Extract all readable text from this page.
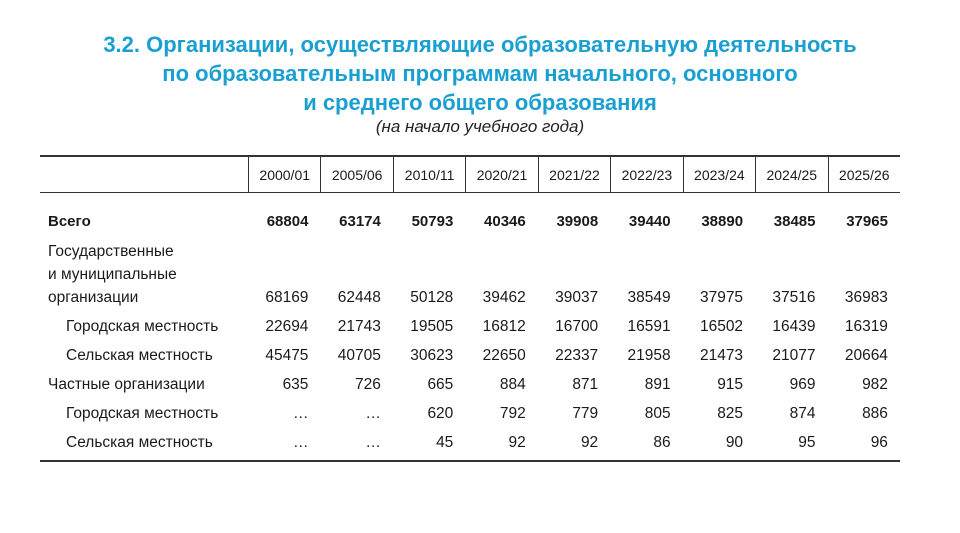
3.2. Организации, осуществляющие образовательную деятельность
по образовательным программам начального, основного
и среднего общего образования
(на начало учебного года)
2000/01	2005/06	2010/11	2020/21	2021/22	2022/23	2023/24	2024/25	2025/26
Всего	68804	63174	50793	40346	39908	39440	38890	38485	37965
Государственные
и муниципальные
организации	68169	62448	50128	39462	39037	38549	37975	37516	36983
Городская местность	22694	21743	19505	16812	16700	16591	16502	16439	16319
Сельская местность	45475	40705	30623	22650	22337	21958	21473	21077	20664
Частные организации	635	726	665	884	871	891	915	969	982
Городская местность	…	…	620	792	779	805	825	874	886
Сельская местность	…	…	45	92	92	86	90	95	96
